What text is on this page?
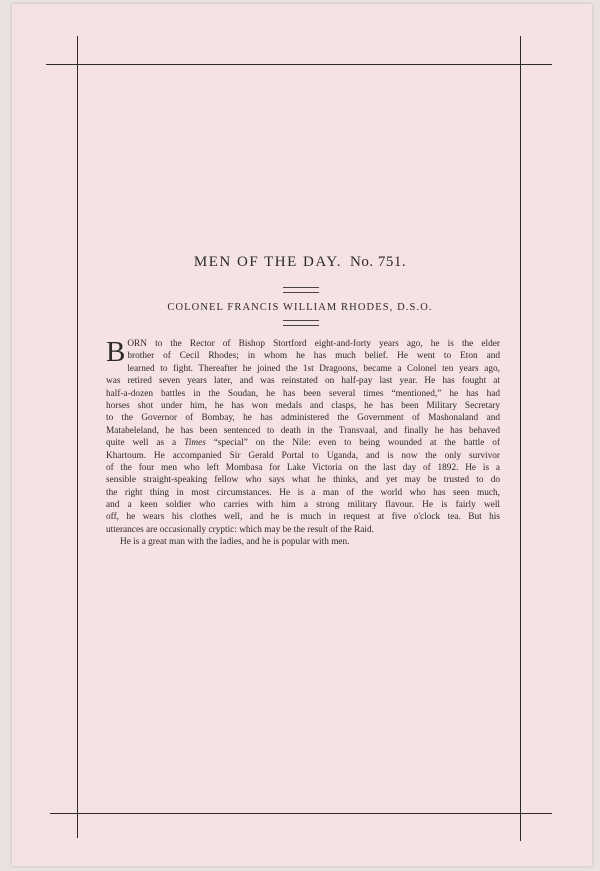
MEN OF THE DAY. No. 751.
COLONEL FRANCIS WILLIAM RHODES, D.S.O.
B ORN to the Rector of Bishop Stortford eight-and-forty years ago, he is the elder
brother of Cecil Rhodes; in whom he has much belief. He went to Eton and
learned to fight. Thereafter he joined the 1st Dragoons, became a Colonel ten years ago,
was retired seven years later, and was reinstated on half-pay last year. He has fought at
half-a-dozen battles in the Soudan, he has been several times “mentioned,” he has had
horses shot under him, he has won medals and clasps, he has been Military Secretary
to the Governor of Bombay, he has administered the Government of Mashonaland and
Matabeleland, he has been sentenced to death in the Transvaal, and finally he has behaved
quite well as a Times “special” on the Nile: even to being wounded at the battle of
Khartoum. He accompanied Sir Gerald Portal to Uganda, and is now the only survivor
of the four men who left Mombasa for Lake Victoria on the last day of 1892. He is a
sensible straight-speaking fellow who says what he thinks, and yet may be trusted to do
the right thing in most circumstances. He is a man of the world who has seen much,
and a keen soldier who carries with him a strong military flavour. He is fairly well
off, he wears his clothes well, and he is much in request at five o'clock tea. But his
utterances are occasionally cryptic: which may be the result of the Raid.
He is a great man with the ladies, and he is popular with men.
